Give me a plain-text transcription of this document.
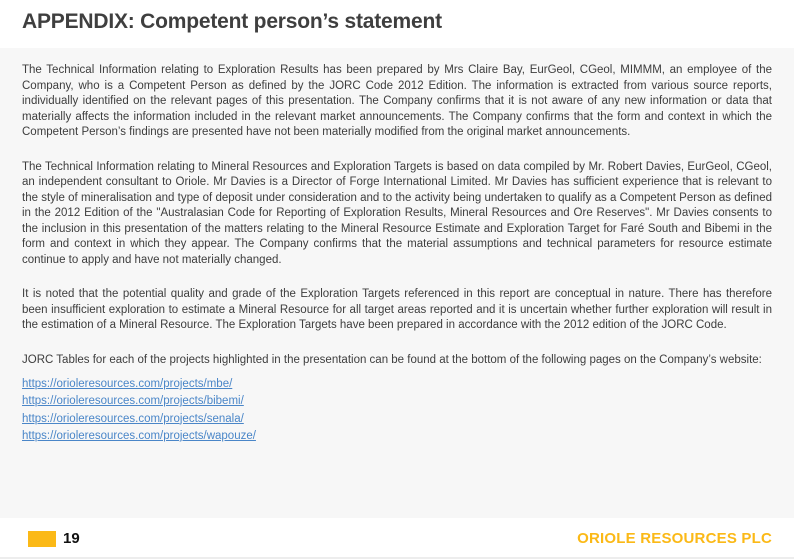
APPENDIX: Competent person’s statement

The Technical Information relating to Exploration Results has been prepared by Mrs Claire Bay, EurGeol, CGeol, MIMMM, an employee of the Company, who is a Competent Person as defined by the JORC Code 2012 Edition. The information is extracted from various source reports, individually identified on the relevant pages of this presentation. The Company confirms that it is not aware of any new information or data that materially affects the information included in the relevant market announcements. The Company confirms that the form and context in which the Competent Person’s findings are presented have not been materially modified from the original market announcements.

The Technical Information relating to Mineral Resources and Exploration Targets is based on data compiled by Mr. Robert Davies, EurGeol, CGeol, an independent consultant to Oriole. Mr Davies is a Director of Forge International Limited. Mr Davies has sufficient experience that is relevant to the style of mineralisation and type of deposit under consideration and to the activity being undertaken to qualify as a Competent Person as defined in the 2012 Edition of the "Australasian Code for Reporting of Exploration Results, Mineral Resources and Ore Reserves". Mr Davies consents to the inclusion in this presentation of the matters relating to the Mineral Resource Estimate and Exploration Target for Faré South and Bibemi in the form and context in which they appear. The Company confirms that the material assumptions and technical parameters for resource estimate continue to apply and have not materially changed.

It is noted that the potential quality and grade of the Exploration Targets referenced in this report are conceptual in nature. There has therefore been insufficient exploration to estimate a Mineral Resource for all target areas reported and it is uncertain whether further exploration will result in the estimation of a Mineral Resource. The Exploration Targets have been prepared in accordance with the 2012 edition of the JORC Code.

JORC Tables for each of the projects highlighted in the presentation can be found at the bottom of the following pages on the Company’s website:

https://orioleresources.com/projects/mbe/
https://orioleresources.com/projects/bibemi/
https://orioleresources.com/projects/senala/
https://orioleresources.com/projects/wapouze/
19	ORIOLE RESOURCES PLC
